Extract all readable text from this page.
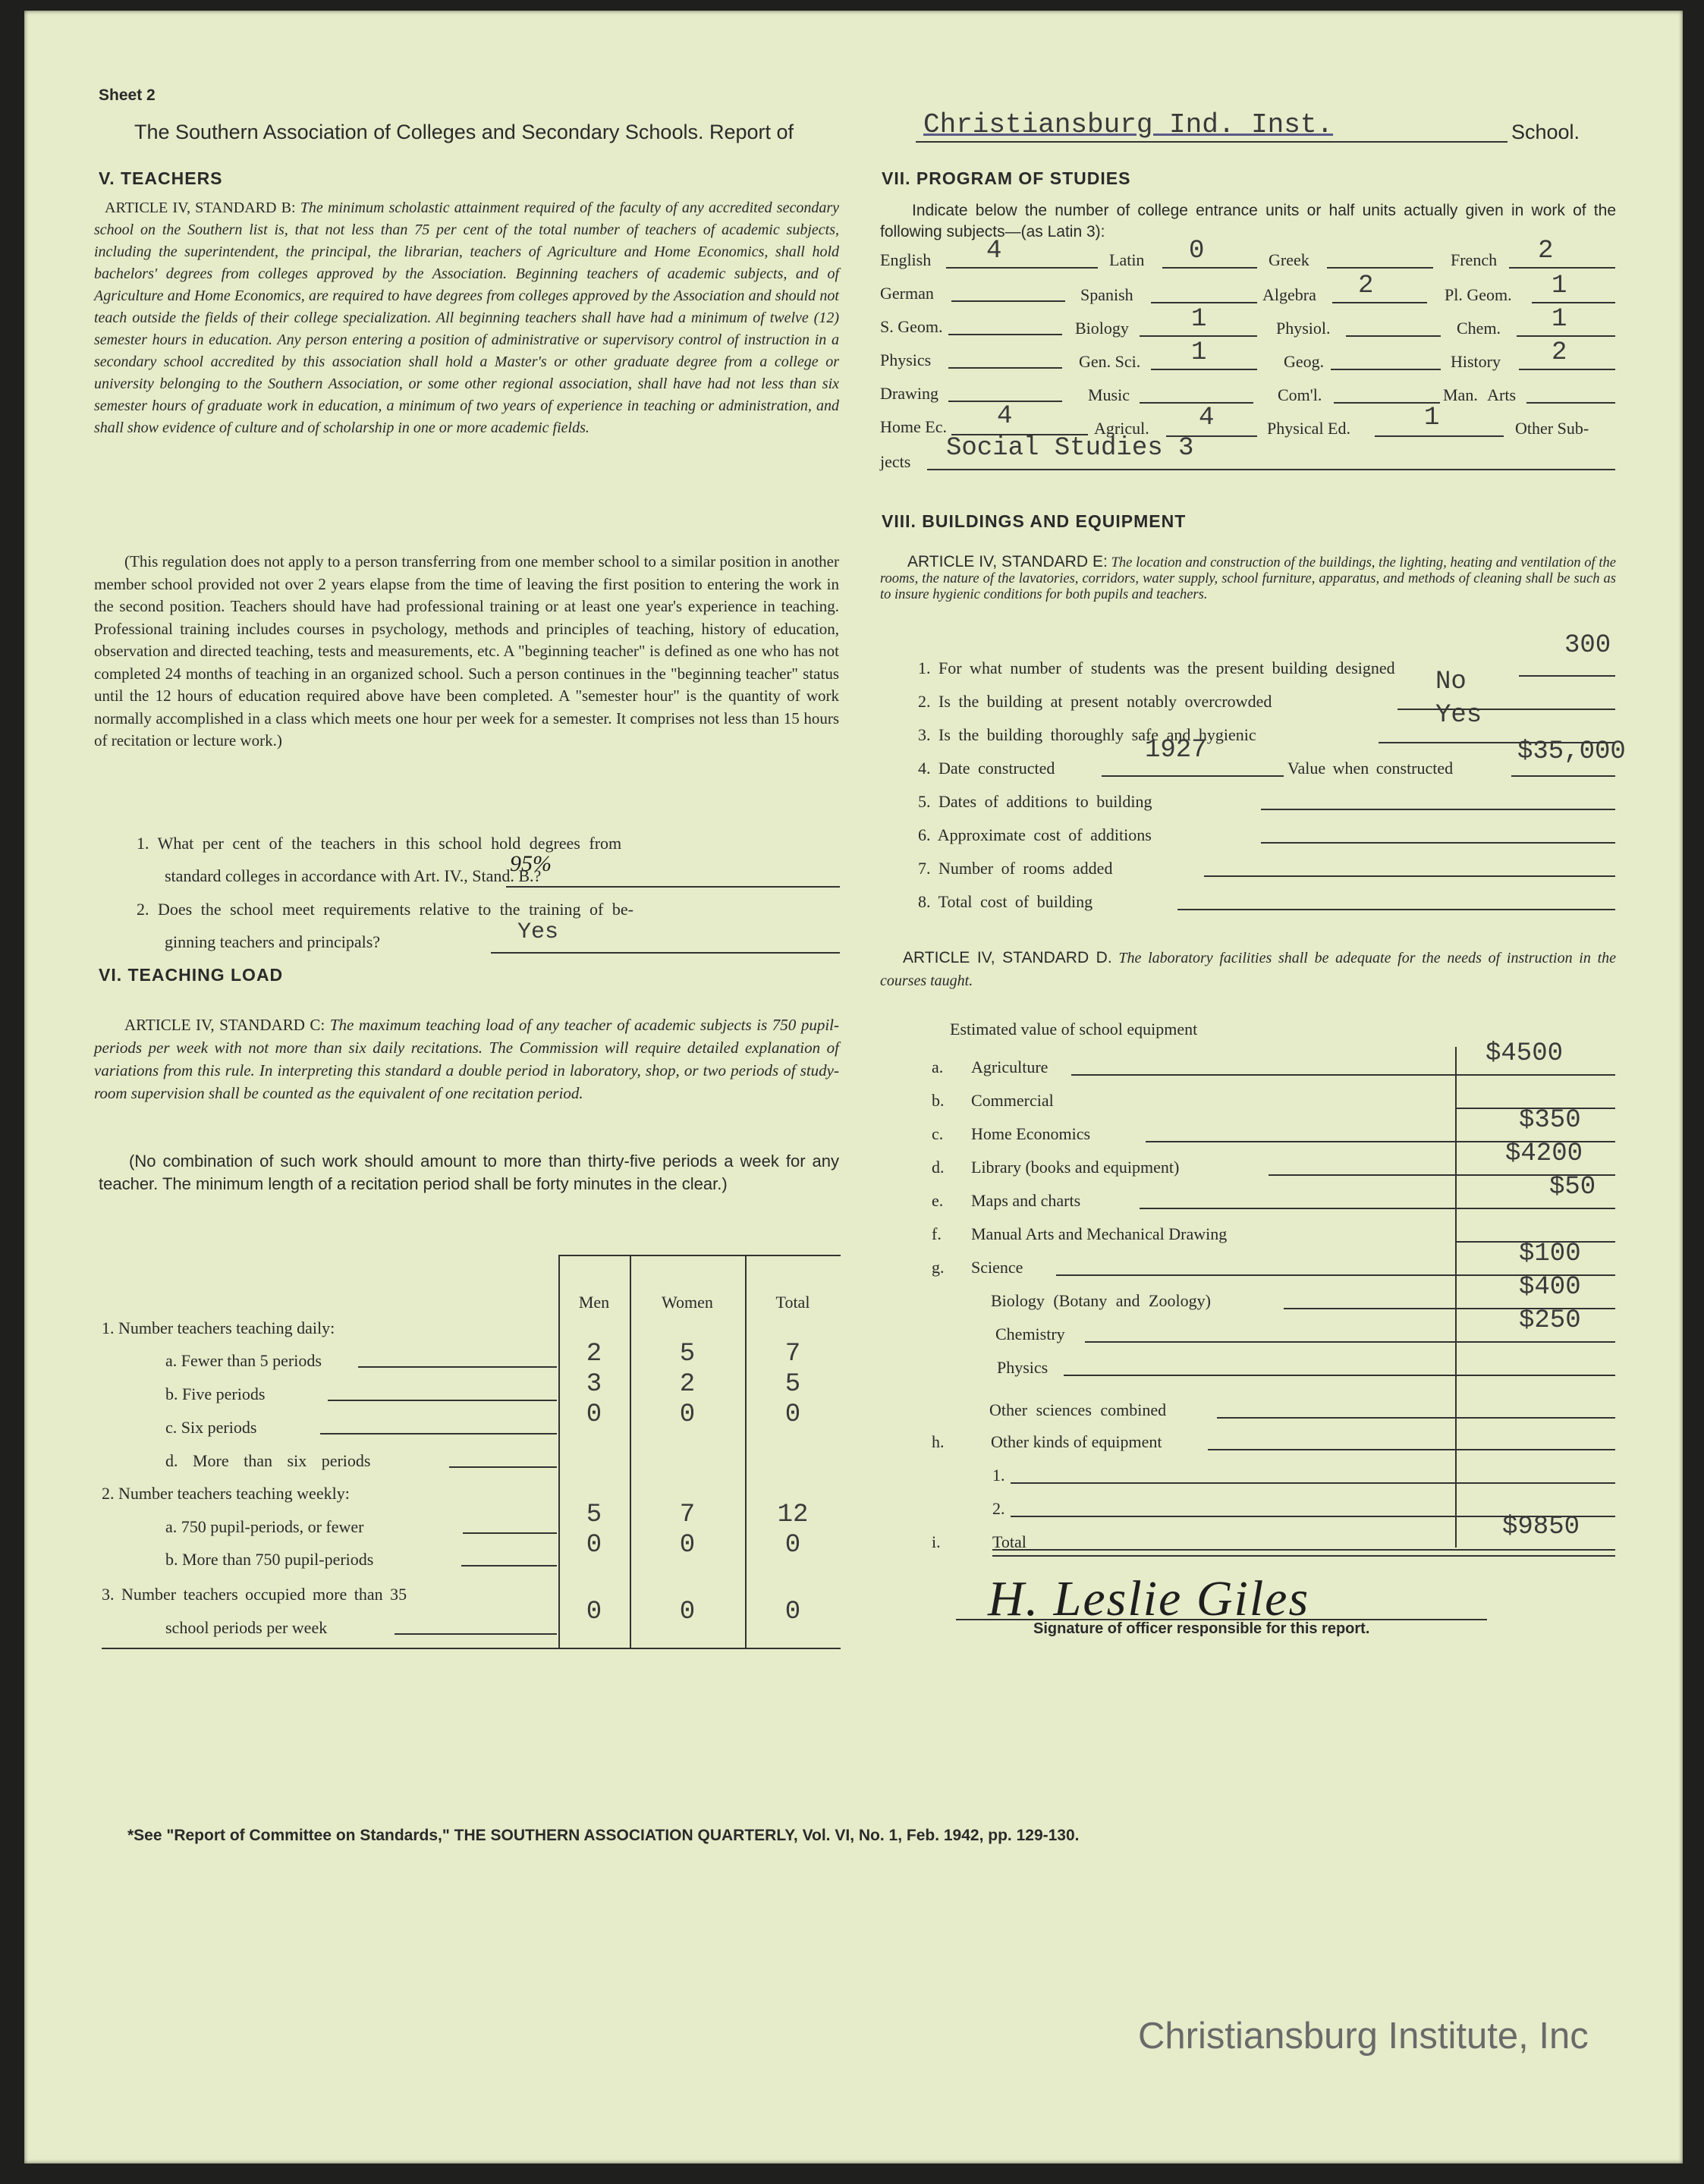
Sheet 2
The Southern Association of Colleges and Secondary Schools. Report of	Christiansburg Ind. Inst.	School.
V. TEACHERS
ARTICLE IV, STANDARD B: The minimum scholastic attainment required of the faculty of any accredited secondary school on the Southern list is, that not less than 75 per cent of the total number of teachers of academic subjects, including the superintendent, the principal, the librarian, teachers of Agriculture and Home Economics, shall hold bachelors' degrees from colleges approved by the Association. Beginning teachers of academic subjects, and of Agriculture and Home Economics, are required to have degrees from colleges approved by the Association and should not teach outside the fields of their college specialization. All beginning teachers shall have had a minimum of twelve (12) semester hours in education. Any person entering a position of administrative or supervisory control of instruction in a secondary school accredited by this association shall hold a Master's or other graduate degree from a college or university belonging to the Southern Association, or some other regional association, shall have had not less than six semester hours of graduate work in education, a minimum of two years of experience in teaching or administration, and shall show evidence of culture and of scholarship in one or more academic fields.
(This regulation does not apply to a person transferring from one member school to a similar position in another member school provided not over 2 years elapse from the time of leaving the first position to entering the work in the second position. Teachers should have had professional training or at least one year's experience in teaching. Professional training includes courses in psychology, methods and principles of teaching, history of education, observation and directed teaching, tests and measurements, etc. A "beginning teacher" is defined as one who has not completed 24 months of teaching in an organized school. Such a person continues in the "beginning teacher" status until the 12 hours of education required above have been completed. A "semester hour" is the quantity of work normally accomplished in a class which meets one hour per week for a semester. It comprises not less than 15 hours of recitation or lecture work.)
1. What per cent of the teachers in this school hold degrees from
standard colleges in accordance with Art. IV., Stand. B.?
95%
2. Does the school meet requirements relative to the training of be-
ginning teachers and principals?	Yes
VI. TEACHING LOAD
ARTICLE IV, STANDARD C: The maximum teaching load of any teacher of academic subjects is 750 pupil-periods per week with not more than six daily recitations. The Commission will require detailed explanation of variations from this rule. In interpreting this standard a double period in laboratory, shop, or two periods of study-room supervision shall be counted as the equivalent of one recitation period.
(No combination of such work should amount to more than thirty-five periods a week for any teacher. The minimum length of a recitation period shall be forty minutes in the clear.)
Men	Women	Total
1. Number teachers teaching daily:
a. Fewer than 5 periods	2	5	7
b. Five periods	3	2	5
c. Six periods	0	0	0
d. More than six periods
2. Number teachers teaching weekly:
a. 750 pupil-periods, or fewer	5	7	12
b. More than 750 pupil-periods	0	0	0
3. Number teachers occupied more than 35
school periods per week
0	0	0
VII. PROGRAM OF STUDIES
Indicate below the number of college entrance units or half units actually given in work of the following subjects—(as Latin 3):
English 4	Latin 0	Greek	French 2
German	Spanish	Algebra 2	Pl. Geom. 1
S. Geom.	Biology 1	Physiol.	Chem. 1
Physics	Gen. Sci. 1	Geog.	History 2
Drawing	Music	Com'l.	Man. Arts
Home Ec. 4	Agricul. 4	Physical Ed.	1	Other Sub-
jects Social Studies 3
VIII. BUILDINGS AND EQUIPMENT
ARTICLE IV, STANDARD E: The location and construction of the buildings, the lighting, heating and ventilation of the rooms, the nature of the lavatories, corridors, water supply, school furniture, apparatus, and methods of cleaning shall be such as to insure hygienic conditions for both pupils and teachers.
1. For what number of students was the present building designed
300
2. Is the building at present notably overcrowded
No
3. Is the building thoroughly safe and hygienic
Yes
4. Date constructed
1927
Value when constructed
$35,000
5. Dates of additions to building
6. Approximate cost of additions
7. Number of rooms added
8. Total cost of building
ARTICLE IV, STANDARD D. The laboratory facilities shall be adequate for the needs of instruction in the courses taught.
Estimated value of school equipment
a. Agriculture	$4500
b. Commercial
c. Home Economics	$350
d. Library (books and equipment)	$4200
e. Maps and charts	$50
f. Manual Arts and Mechanical Drawing
g. Science	$100
Biology (Botany and Zoology)	$400
Chemistry	$250
Physics
Other sciences combined
h.	Other kinds of equipment
1.
2.
i.	Total
$9850
H. Leslie Giles
Signature of officer responsible for this report.
*See "Report of Committee on Standards," THE SOUTHERN ASSOCIATION QUARTERLY, Vol. VI, No. 1, Feb. 1942, pp. 129-130.
Christiansburg Institute, Inc
